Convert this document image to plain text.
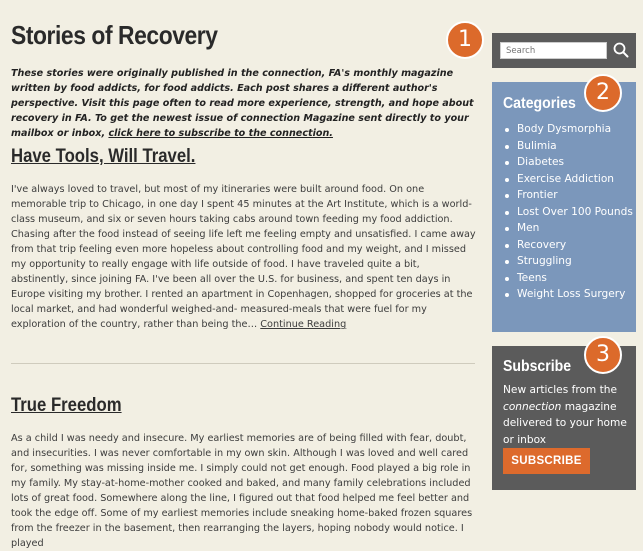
Stories of Recovery
These stories were originally published in the connection, FA's monthly magazine written by food addicts, for food addicts. Each post shares a different author's perspective. Visit this page often to read more experience, strength, and hope about recovery in FA. To get the newest issue of connection Magazine sent directly to your mailbox or inbox, click here to subscribe to the connection.
Have Tools, Will Travel.
I've always loved to travel, but most of my itineraries were built around food. On one memorable trip to Chicago, in one day I spent 45 minutes at the Art Institute, which is a world-class museum, and six or seven hours taking cabs around town feeding my food addiction. Chasing after the food instead of seeing life left me feeling empty and unsatisfied. I came away from that trip feeling even more hopeless about controlling food and my weight, and I missed my opportunity to really engage with life outside of food. I have traveled quite a bit, abstinently, since joining FA. I've been all over the U.S. for business, and spent ten days in Europe visiting my brother. I rented an apartment in Copenhagen, shopped for groceries at the local market, and had wonderful weighed-and- measured-meals that were fuel for my exploration of the country, rather than being the… Continue Reading
True Freedom
As a child I was needy and insecure. My earliest memories are of being filled with fear, doubt, and insecurities. I was never comfortable in my own skin. Although I was loved and well cared for, something was missing inside me. I simply could not get enough. Food played a big role in my family. My stay-at-home-mother cooked and baked, and many family celebrations included lots of great food. Somewhere along the line, I figured out that food helped me feel better and took the edge off. Some of my earliest memories include sneaking home-baked frozen squares from the freezer in the basement, then rearranging the layers, hoping nobody would notice. I played
Search
Categories
Body Dysmorphia
Bulimia
Diabetes
Exercise Addiction
Frontier
Lost Over 100 Pounds
Men
Recovery
Struggling
Teens
Weight Loss Surgery
Subscribe
New articles from the connection magazine delivered to your home or inbox
SUBSCRIBE
1
2
3
